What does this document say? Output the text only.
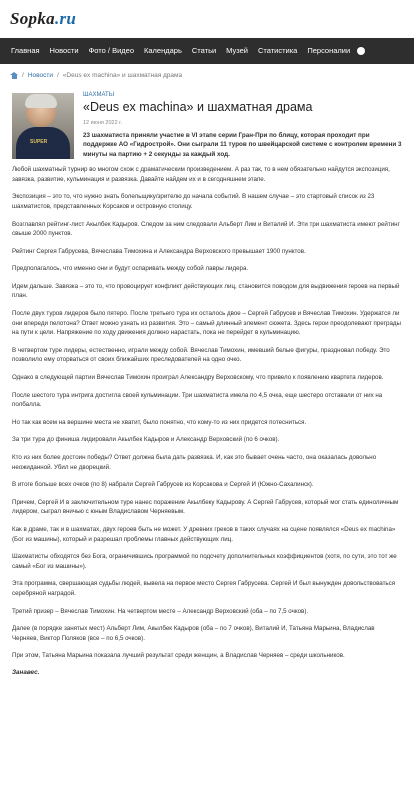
Sopka.ru
Главная	Новости	Фото / Видео	Календарь	Статьи	Музей	Статистика	Персоналии
/ Новости / «Deus ex machina» и шахматная драма
SUPER
ШАХМАТЫ
«Deus ex machina» и шахматная драма
12 июня 2022 г.
23 шахматиста приняли участие в VI этапе серии Гран-При по блицу, которая проходит при поддержке АО «Гидрострой». Они сыграли 11 туров по швейцарской системе с контролем времени 3 минуты на партию + 2 секунды за каждый ход.

Любой шахматный турнир во многом схож с драматическим произведением. А раз так, то в нем обязательно найдутся экспозиция, завязка, развитие, кульминация и развязка. Давайте найдем их и в сегодняшнем этапе.

Экспозиция – это то, что нужно знать болельщику/зрителю до начала событий. В нашем случае – это стартовый список из 23 шахматистов, представленных Корсаков и островную столицу.

Возглавлял рейтинг-лист Акылбек Кадыров. Следом за ним следовали Альберт Лим и Виталий И. Эти три шахматиста имеют рейтинг свыше 2000 пунктов.

Рейтинг Сергея Габрусева, Вячеслава Тимохина и Александра Верховского превышает 1900 пунктов.

Предполагалось, что именно они и будут оспаривать между собой лавры лидера.

Идем дальше. Завязка – это то, что провоцирует конфликт действующих лиц, становится поводом для выдвижения героев на первый план.

После двух туров лидеров было пятеро. После третьего тура их осталось двое – Сергей Габрусев и Вячеслав Тимохин. Удержатся ли они впереди пелотона? Ответ можно узнать из развития. Это – самый длинный элемент сюжета. Здесь герои преодолевают преграды на пути к цели. Напряжение по ходу движения должно нарастать, пока не перейдет в кульминацию.

В четвертом туре лидеры, естественно, играли между собой. Вячеслав Тимохин, имевший белые фигуры, праздновал победу. Это позволило ему оторваться от своих ближайших преследователей на одно очко.

Однако в следующей партии Вячеслав Тимохин проиграл Александру Верховскому, что привело к появлению квартета лидеров.

После шестого тура интрига достигла своей кульминации. Три шахматиста имела по 4,5 очка, еще шестеро отставали от них на полбалла.

Но так как всем на вершине места не хватит, было понятно, что кому-то из них придется потесниться.

За три тура до финиша лидировали Акылбек Кадыров и Александр Верховский (по 6 очков).

Кто из них более достоин победы? Ответ должна была дать развязка. И, как это бывает очень часто, она оказалась довольно неожиданной. Убил не дворецкий.

В итоге больше всех очков (по 8) набрали Сергей Габрусев из Корсакова и Сергей И (Южно-Сахалинск).

Причем, Сергей И в заключительном туре нанес поражение Акылбеку Кадырову. А Сергей Габрусев, который мог стать единоличным лидером, сыграл вничью с юным Владиславом Черняевым.

Как в драме, так и в шахматах, двух героев быть не может. У древних греков в таких случаях на сцене появлялся «Deus ex machina» (Бог из машины), который и разрешал проблемы главных действующих лиц.

Шахматисты обходятся без Бога, ограничившись программой по подсчету дополнительных коэффициентов (хотя, по сути, это тот же самый «Бог из машины»).

Эта программа, свершающая судьбы людей, вывела на первое место Сергея Габрусева. Сергей И был вынужден довольствоваться серебряной наградой.

Третий призер – Вячеслав Тимохин. На четвертом месте – Александр Верховский (оба – по 7,5 очков).

Далее (в порядке занятых мест) Альберт Лим, Акылбек Кадыров (оба – по 7 очков), Виталий И, Татьяна Марьина, Владислав Черняев, Виктор Поляков (все – по 6,5 очков).

При этом, Татьяна Марьина показала лучший результат среди женщин, а Владислав Черняев – среди школьников.

Занавес.
